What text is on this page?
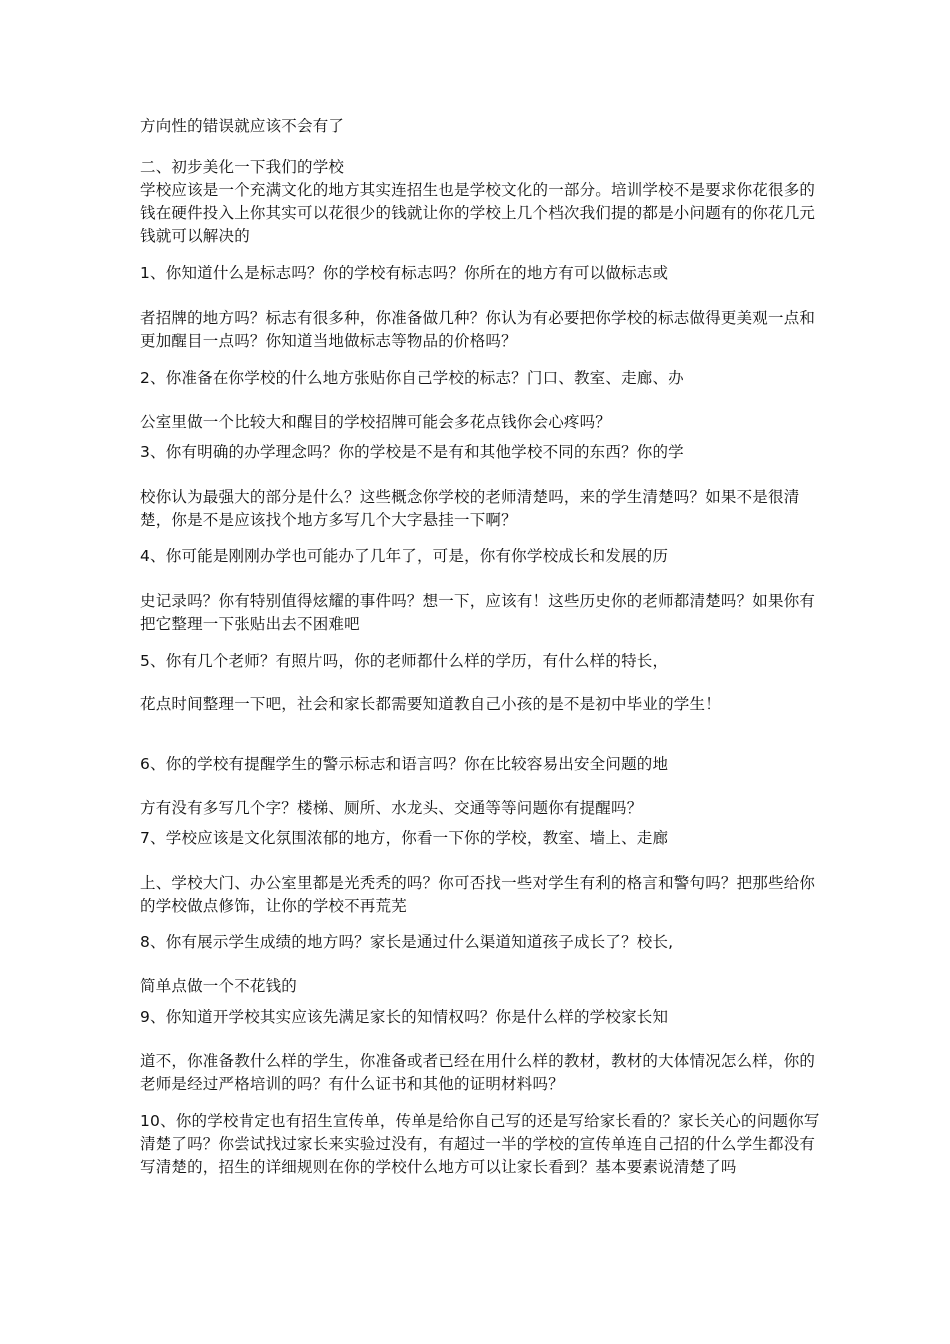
方向性的错误就应该不会有了
二、初步美化一下我们的学校
学校应该是一个充满文化的地方其实连招生也是学校文化的一部分。培训学校不是要求你花很多的钱在硬件投入上你其实可以花很少的钱就让你的学校上几个档次我们提的都是小问题有的你花几元钱就可以解决的
1、你知道什么是标志吗？你的学校有标志吗？你所在的地方有可以做标志或
者招牌的地方吗？标志有很多种，你准备做几种？你认为有必要把你学校的标志做得更美观一点和更加醒目一点吗？你知道当地做标志等物品的价格吗？
2、你准备在你学校的什么地方张贴你自己学校的标志？门口、教室、走廊、办
公室里做一个比较大和醒目的学校招牌可能会多花点钱你会心疼吗？
3、你有明确的办学理念吗？你的学校是不是有和其他学校不同的东西？你的学
校你认为最强大的部分是什么？这些概念你学校的老师清楚吗，来的学生清楚吗？如果不是很清楚，你是不是应该找个地方多写几个大字悬挂一下啊？
4、你可能是刚刚办学也可能办了几年了，可是，你有你学校成长和发展的历
史记录吗？你有特别值得炫耀的事件吗？想一下，应该有！这些历史你的老师都清楚吗？如果你有把它整理一下张贴出去不困难吧
5、你有几个老师？有照片吗，你的老师都什么样的学历，有什么样的特长，
花点时间整理一下吧，社会和家长都需要知道教自己小孩的是不是初中毕业的学生！
6、你的学校有提醒学生的警示标志和语言吗？你在比较容易出安全问题的地
方有没有多写几个字？楼梯、厕所、水龙头、交通等等问题你有提醒吗？
7、学校应该是文化氛围浓郁的地方，你看一下你的学校，教室、墙上、走廊
上、学校大门、办公室里都是光秃秃的吗？你可否找一些对学生有利的格言和警句吗？把那些给你的学校做点修饰，让你的学校不再荒芜
8、你有展示学生成绩的地方吗？家长是通过什么渠道知道孩子成长了？校长,
简单点做一个不花钱的
9、你知道开学校其实应该先满足家长的知情权吗？你是什么样的学校家长知
道不，你准备教什么样的学生，你准备或者已经在用什么样的教材，教材的大体情况怎么样，你的老师是经过严格培训的吗？有什么证书和其他的证明材料吗？
10、你的学校肯定也有招生宣传单，传单是给你自己写的还是写给家长看的？家长关心的问题你写清楚了吗？你尝试找过家长来实验过没有，有超过一半的学校的宣传单连自己招的什么学生都没有写清楚的，招生的详细规则在你的学校什么地方可以让家长看到？基本要素说清楚了吗
